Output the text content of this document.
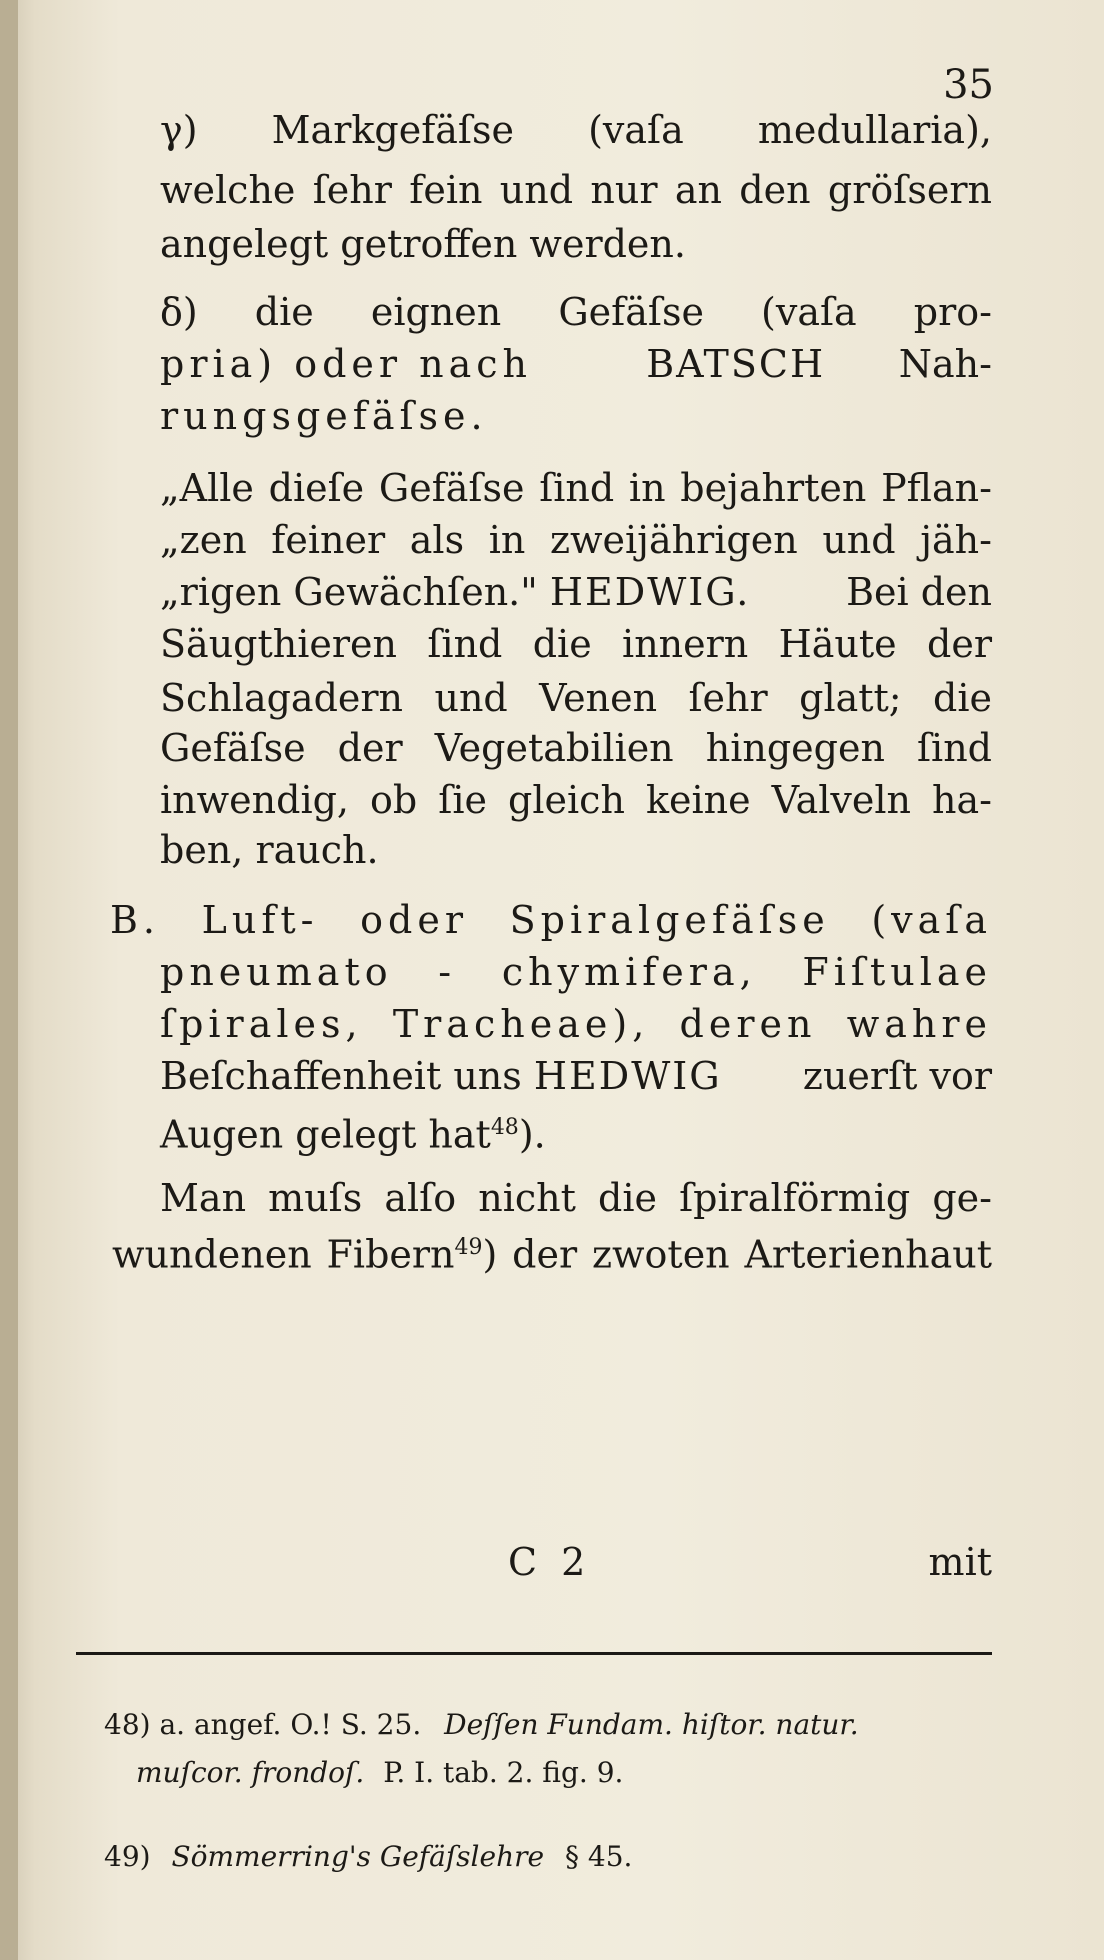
35
γ) Markgefäſse (vaſa medullaria),
welche ſehr fein und nur an den gröſsern
angelegt getroffen werden.
δ) die eignen Gefäſse (vaſa pro-
pria) oder nach	BATSCH Nah-
rungsgefäſse.
„Alle dieſe Gefäſse ſind in bejahrten Pflan-
„zen feiner als in zweijährigen und jäh-
„rigen Gewächſen." HEDWIG.	Bei den
Säugthieren ſind die innern Häute der
Schlagadern und Venen ſehr glatt; die
Gefäſse der Vegetabilien hingegen ſind
inwendig, ob ſie gleich keine Valveln ha-
ben, rauch.
B. Luft- oder Spiralgefäſse (vaſa
pneumato - chymifera, Fiſtulae
ſpirales, Tracheae), deren wahre
Beſchaffenheit uns HEDWIG zuerſt vor
Augen gelegt hat$^{48}$).
Man muſs alſo nicht die ſpiralförmig ge-
wundenen Fibern$^{49}$) der zwoten Arterienhaut
C 2	mit
48) a. angef. O.! S. 25. Deſſen Fundam. hiſtor. natur.
muſcor. frondoſ. P. I. tab. 2. fig. 9.
49) Sömmerring's Gefäſslehre § 45.
